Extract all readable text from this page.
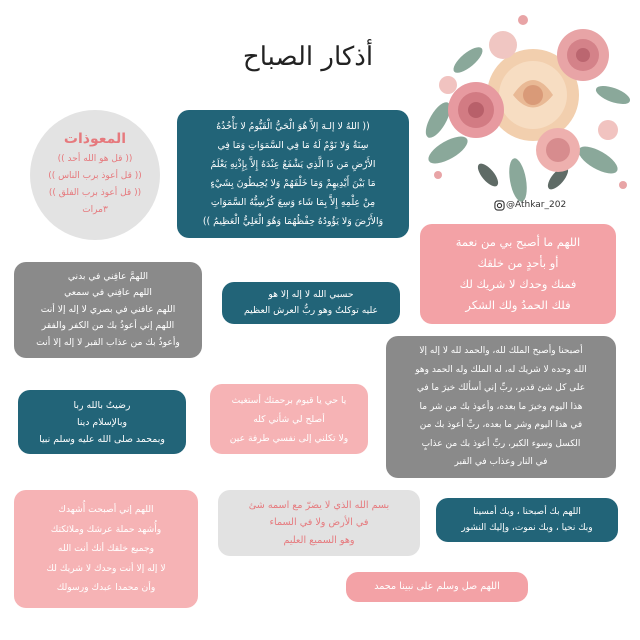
أذكار الصباح
المعوذات
(( قل هو الله أحد ))
(( قل أعوذ برب الناس ))
(( قل أعوذ برب الفلق ))
۳مرات
(( اللهُ لا إلـهَ إلاَّ هُوَ الْحَيُّ الْقَيُّومُ لا تَأْخُذُهُ
سِنَةٌ وَلا نَوْمٌ لَهُ مَا فِي السَّمَوَاتِ وَمَا فِي
الأَرْضِ مَن ذَا الَّذِي يَشْفَعُ عِنْدَهُ إِلاَّ بِإِذْنِهِ يَعْلَمُ
مَا بَيْنَ أَيْدِيهِمْ وَمَا خَلْفَهُمْ وَلا يُحِيطُونَ بِشَيْءٍ
مِنْ عِلْمِهِ إِلاَّ بِمَا شَاء وَسِعَ كُرْسِيُّهُ السَّمَوَاتِ
وَالأَرْضَ وَلا يَؤُودُهُ حِفْظُهُمَا وَهُوَ الْعَلِيُّ الْعَظِيمُ ))
@Athkar_202
اللهم ما أصبح بي من نعمة
أو بأحدٍ من خلقك
فمنك وحدك لا شريك لك
فلك الحمدُ ولك الشكر
اللهمَّ عافِني في بدني
اللهم عافِني في سمعي
اللهم عافني في بصري لا إله إلا أنت
اللهم إني أعوذُ بك من الكفر والفقر
وأعوذُ بك من عذاب القبر لا إله إلا أنت
حسبي الله لا إله إلا هو
عليه توكلتُ وهو ربُّ العرش العظيم
أصبحنا وأصبح الملك لله، والحمد لله لا إله إلا
الله وحده لا شريك له، له الملك وله الحمد وهو
على كل شئ قدير، ربِّ إني أسألك خيرَ ما في
هذا اليوم وخيرَ ما بعده، وأعوذ بك من شر ما
في هذا اليوم وشر ما بعده، ربِّ أعوذ بك من
الكسل وسوء الكبر، ربِّ أعوذ بك من عذابٍ
في النار وعذاب في القبر
رضيتُ بالله ربا
وبالإسلام دينا
وبمحمد صلى الله عليه وسلم نبيا
يا حي يا قيوم برحمتك أستغيث
أصلح لي شأني كله
ولا تكلني إلى نفسي طرفة عين
اللهم إني أصبحت أُشهدك
وأُشهد حملة عرشك وملائكتك
وجميع خلقك أنك أنت الله
لا إله إلا أنت وحدك لا شريك لك
وأن محمدا عبدك ورسولك
بسم الله الذي لا يضرّ مع اسمه شئ
في الأرض ولا في السماء
وهو السميع العليم
اللهم بك أصبحنا ، وبك أمسينا
وبك نحيا ، وبك نموت، وإليك النشور
اللهم صل وسلم على نبينا محمد
